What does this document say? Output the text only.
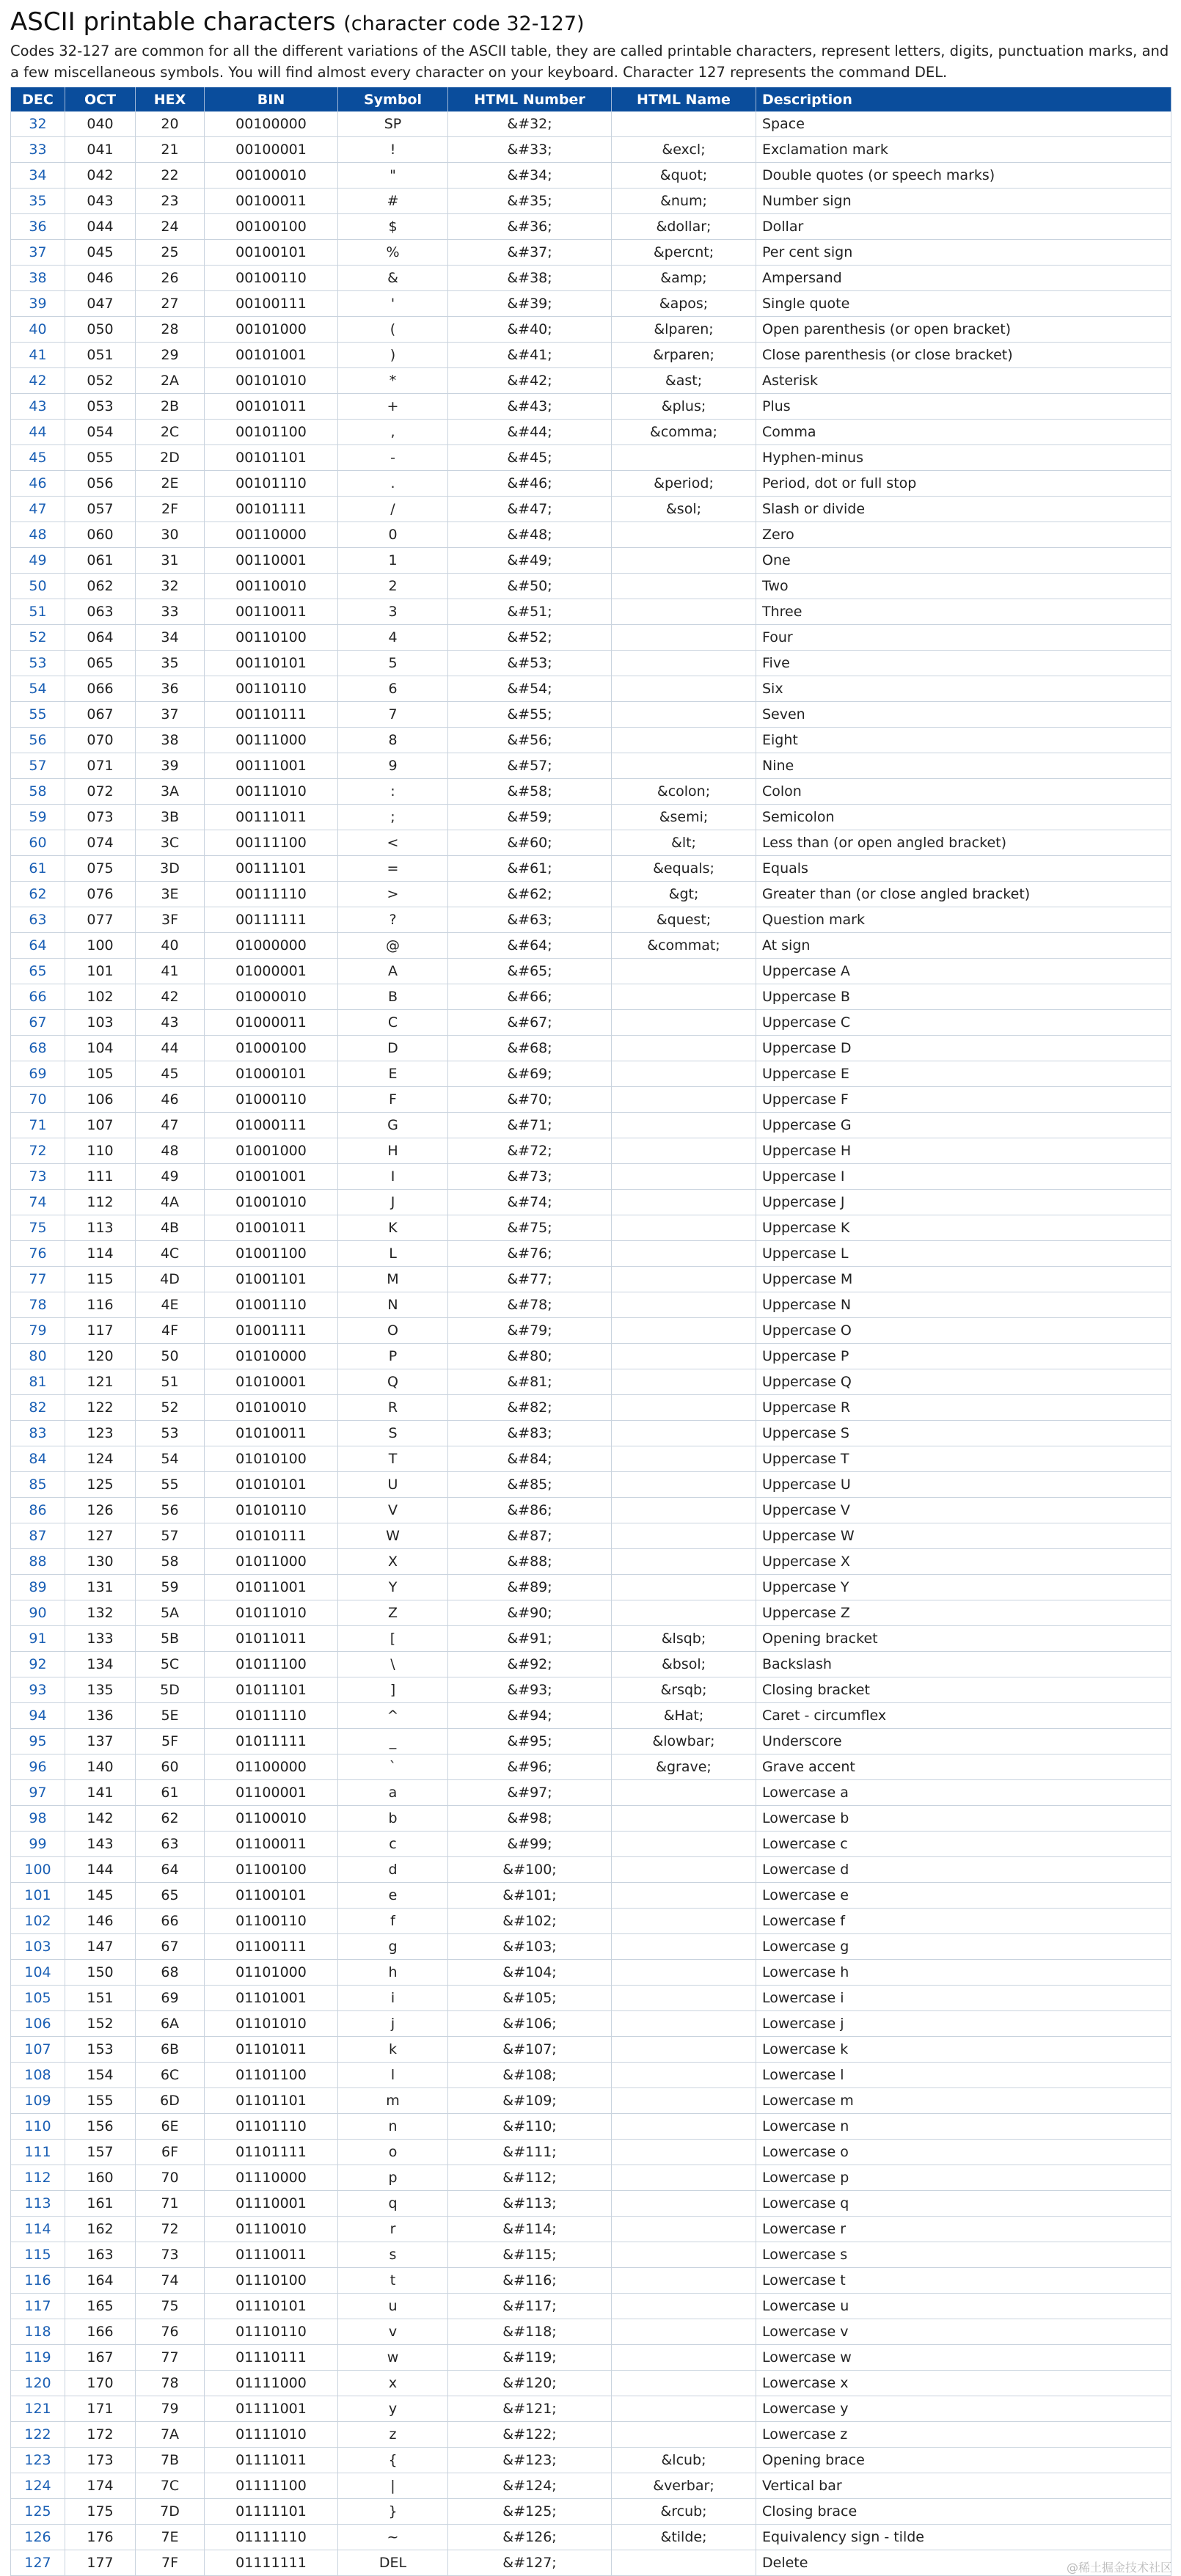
ASCII printable characters (character code 32-127)

Codes 32-127 are common for all the different variations of the ASCII table, they are called printable characters, represent letters, digits, punctuation marks, and a few miscellaneous symbols. You will find almost every character on your keyboard. Character 127 represents the command DEL.

DEC	OCT	HEX	BIN	Symbol	HTML Number	HTML Name	Description
32	040	20	00100000	SP	&#32;		Space
33	041	21	00100001	!	&#33;	&excl;	Exclamation mark
34	042	22	00100010	"	&#34;	&quot;	Double quotes (or speech marks)
35	043	23	00100011	#	&#35;	&num;	Number sign
36	044	24	00100100	$	&#36;	&dollar;	Dollar
37	045	25	00100101	%	&#37;	&percnt;	Per cent sign
38	046	26	00100110	&	&#38;	&amp;	Ampersand
39	047	27	00100111	'	&#39;	&apos;	Single quote
40	050	28	00101000	(	&#40;	&lparen;	Open parenthesis (or open bracket)
41	051	29	00101001	)	&#41;	&rparen;	Close parenthesis (or close bracket)
42	052	2A	00101010	*	&#42;	&ast;	Asterisk
43	053	2B	00101011	+	&#43;	&plus;	Plus
44	054	2C	00101100	,	&#44;	&comma;	Comma
45	055	2D	00101101	-	&#45;		Hyphen-minus
46	056	2E	00101110	.	&#46;	&period;	Period, dot or full stop
47	057	2F	00101111	/	&#47;	&sol;	Slash or divide
48	060	30	00110000	0	&#48;		Zero
49	061	31	00110001	1	&#49;		One
50	062	32	00110010	2	&#50;		Two
51	063	33	00110011	3	&#51;		Three
52	064	34	00110100	4	&#52;		Four
53	065	35	00110101	5	&#53;		Five
54	066	36	00110110	6	&#54;		Six
55	067	37	00110111	7	&#55;		Seven
56	070	38	00111000	8	&#56;		Eight
57	071	39	00111001	9	&#57;		Nine
58	072	3A	00111010	:	&#58;	&colon;	Colon
59	073	3B	00111011	;	&#59;	&semi;	Semicolon
60	074	3C	00111100	<	&#60;	&lt;	Less than (or open angled bracket)
61	075	3D	00111101	=	&#61;	&equals;	Equals
62	076	3E	00111110	>	&#62;	&gt;	Greater than (or close angled bracket)
63	077	3F	00111111	?	&#63;	&quest;	Question mark
64	100	40	01000000	@	&#64;	&commat;	At sign
65	101	41	01000001	A	&#65;		Uppercase A
66	102	42	01000010	B	&#66;		Uppercase B
67	103	43	01000011	C	&#67;		Uppercase C
68	104	44	01000100	D	&#68;		Uppercase D
69	105	45	01000101	E	&#69;		Uppercase E
70	106	46	01000110	F	&#70;		Uppercase F
71	107	47	01000111	G	&#71;		Uppercase G
72	110	48	01001000	H	&#72;		Uppercase H
73	111	49	01001001	I	&#73;		Uppercase I
74	112	4A	01001010	J	&#74;		Uppercase J
75	113	4B	01001011	K	&#75;		Uppercase K
76	114	4C	01001100	L	&#76;		Uppercase L
77	115	4D	01001101	M	&#77;		Uppercase M
78	116	4E	01001110	N	&#78;		Uppercase N
79	117	4F	01001111	O	&#79;		Uppercase O
80	120	50	01010000	P	&#80;		Uppercase P
81	121	51	01010001	Q	&#81;		Uppercase Q
82	122	52	01010010	R	&#82;		Uppercase R
83	123	53	01010011	S	&#83;		Uppercase S
84	124	54	01010100	T	&#84;		Uppercase T
85	125	55	01010101	U	&#85;		Uppercase U
86	126	56	01010110	V	&#86;		Uppercase V
87	127	57	01010111	W	&#87;		Uppercase W
88	130	58	01011000	X	&#88;		Uppercase X
89	131	59	01011001	Y	&#89;		Uppercase Y
90	132	5A	01011010	Z	&#90;		Uppercase Z
91	133	5B	01011011	[	&#91;	&lsqb;	Opening bracket
92	134	5C	01011100	\	&#92;	&bsol;	Backslash
93	135	5D	01011101	]	&#93;	&rsqb;	Closing bracket
94	136	5E	01011110	^	&#94;	&Hat;	Caret - circumflex
95	137	5F	01011111	_	&#95;	&lowbar;	Underscore
96	140	60	01100000	`	&#96;	&grave;	Grave accent
97	141	61	01100001	a	&#97;		Lowercase a
98	142	62	01100010	b	&#98;		Lowercase b
99	143	63	01100011	c	&#99;		Lowercase c
100	144	64	01100100	d	&#100;		Lowercase d
101	145	65	01100101	e	&#101;		Lowercase e
102	146	66	01100110	f	&#102;		Lowercase f
103	147	67	01100111	g	&#103;		Lowercase g
104	150	68	01101000	h	&#104;		Lowercase h
105	151	69	01101001	i	&#105;		Lowercase i
106	152	6A	01101010	j	&#106;		Lowercase j
107	153	6B	01101011	k	&#107;		Lowercase k
108	154	6C	01101100	l	&#108;		Lowercase l
109	155	6D	01101101	m	&#109;		Lowercase m
110	156	6E	01101110	n	&#110;		Lowercase n
111	157	6F	01101111	o	&#111;		Lowercase o
112	160	70	01110000	p	&#112;		Lowercase p
113	161	71	01110001	q	&#113;		Lowercase q
114	162	72	01110010	r	&#114;		Lowercase r
115	163	73	01110011	s	&#115;		Lowercase s
116	164	74	01110100	t	&#116;		Lowercase t
117	165	75	01110101	u	&#117;		Lowercase u
118	166	76	01110110	v	&#118;		Lowercase v
119	167	77	01110111	w	&#119;		Lowercase w
120	170	78	01111000	x	&#120;		Lowercase x
121	171	79	01111001	y	&#121;		Lowercase y
122	172	7A	01111010	z	&#122;		Lowercase z
123	173	7B	01111011	{	&#123;	&lcub;	Opening brace
124	174	7C	01111100	|	&#124;	&verbar;	Vertical bar
125	175	7D	01111101	}	&#125;	&rcub;	Closing brace
126	176	7E	01111110	~	&#126;	&tilde;	Equivalency sign - tilde
127	177	7F	01111111	DEL	&#127;		Delete	@稀土掘金技术社区
